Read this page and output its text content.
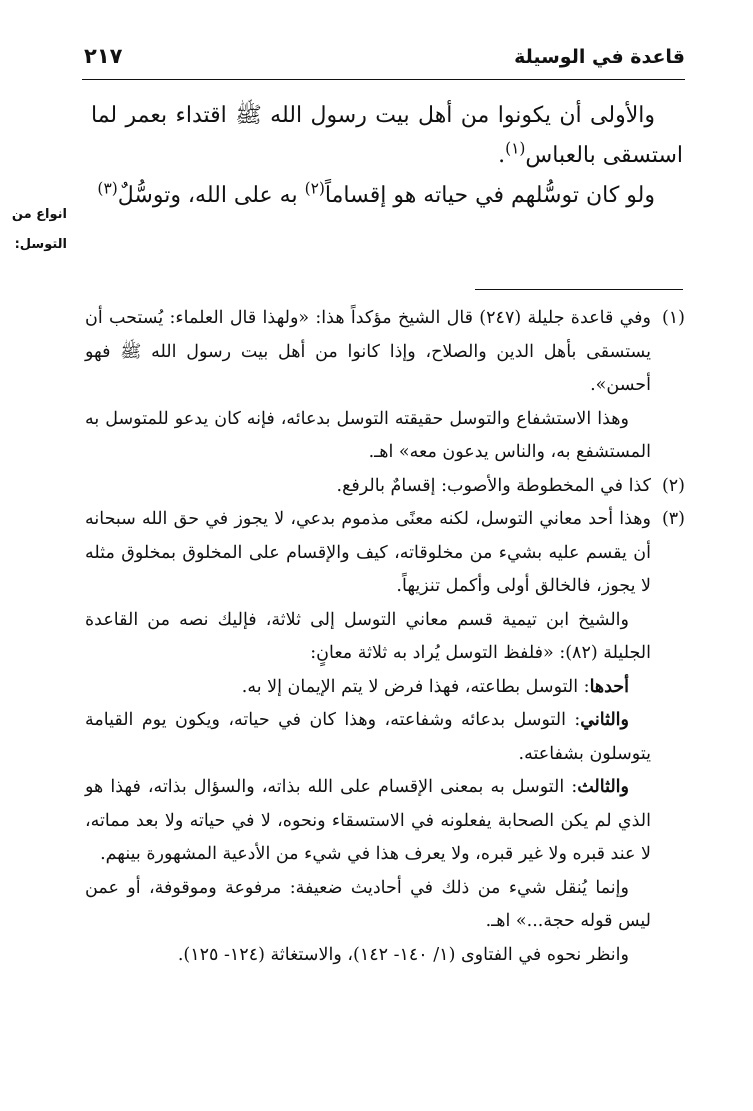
قاعدة في الوسيلة
٢١٧

والأولى أن يكونوا من أهل بيت رسول الله ﷺ اقتداء بعمر لما استسقى بالعباس$^{(١)}$.

ولو كان توسُّلهم في حياته هو إقساماً$^{(٢)}$ به على الله، وتوسُّلٌ$^{(٣)}$

انواع من
التوسل:
(١)

وفي قاعدة جليلة (٢٤٧) قال الشيخ مؤكداً هذا: «ولهذا قال العلماء: يُستحب أن يستسقى بأهل الدين والصلاح، وإذا كانوا من أهل بيت رسول الله ﷺ فهو أحسن».

وهذا الاستشفاع والتوسل حقيقته التوسل بدعائه، فإنه كان يدعو للمتوسل به المستشفع به، والناس يدعون معه» اهـ.

(٢)

كذا في المخطوطة والأصوب: إقسامٌ بالرفع.

(٣)

وهذا أحد معاني التوسل، لكنه معنًى مذموم بدعي، لا يجوز في حق الله سبحانه أن يقسم عليه بشيء من مخلوقاته، كيف والإقسام على المخلوق بمخلوق مثله لا يجوز، فالخالق أولى وأكمل تنزيهاً.

والشيخ ابن تيمية قسم معاني التوسل إلى ثلاثة، فإليك نصه من القاعدة الجليلة (٨٢): «فلفظ التوسل يُراد به ثلاثة معانٍ:

أحدها: التوسل بطاعته، فهذا فرض لا يتم الإيمان إلا به.

والثاني: التوسل بدعائه وشفاعته، وهذا كان في حياته، ويكون يوم القيامة يتوسلون بشفاعته.

والثالث: التوسل به بمعنى الإقسام على الله بذاته، والسؤال بذاته، فهذا هو الذي لم يكن الصحابة يفعلونه في الاستسقاء ونحوه، لا في حياته ولا بعد مماته، لا عند قبره ولا غير قبره، ولا يعرف هذا في شيء من الأدعية المشهورة بينهم.

وإنما يُنقل شيء من ذلك في أحاديث ضعيفة: مرفوعة وموقوفة، أو عمن ليس قوله حجة...» اهـ.

وانظر نحوه في الفتاوى (١/ ١٤٠- ١٤٢)، والاستغاثة (١٢٤- ١٢٥).
